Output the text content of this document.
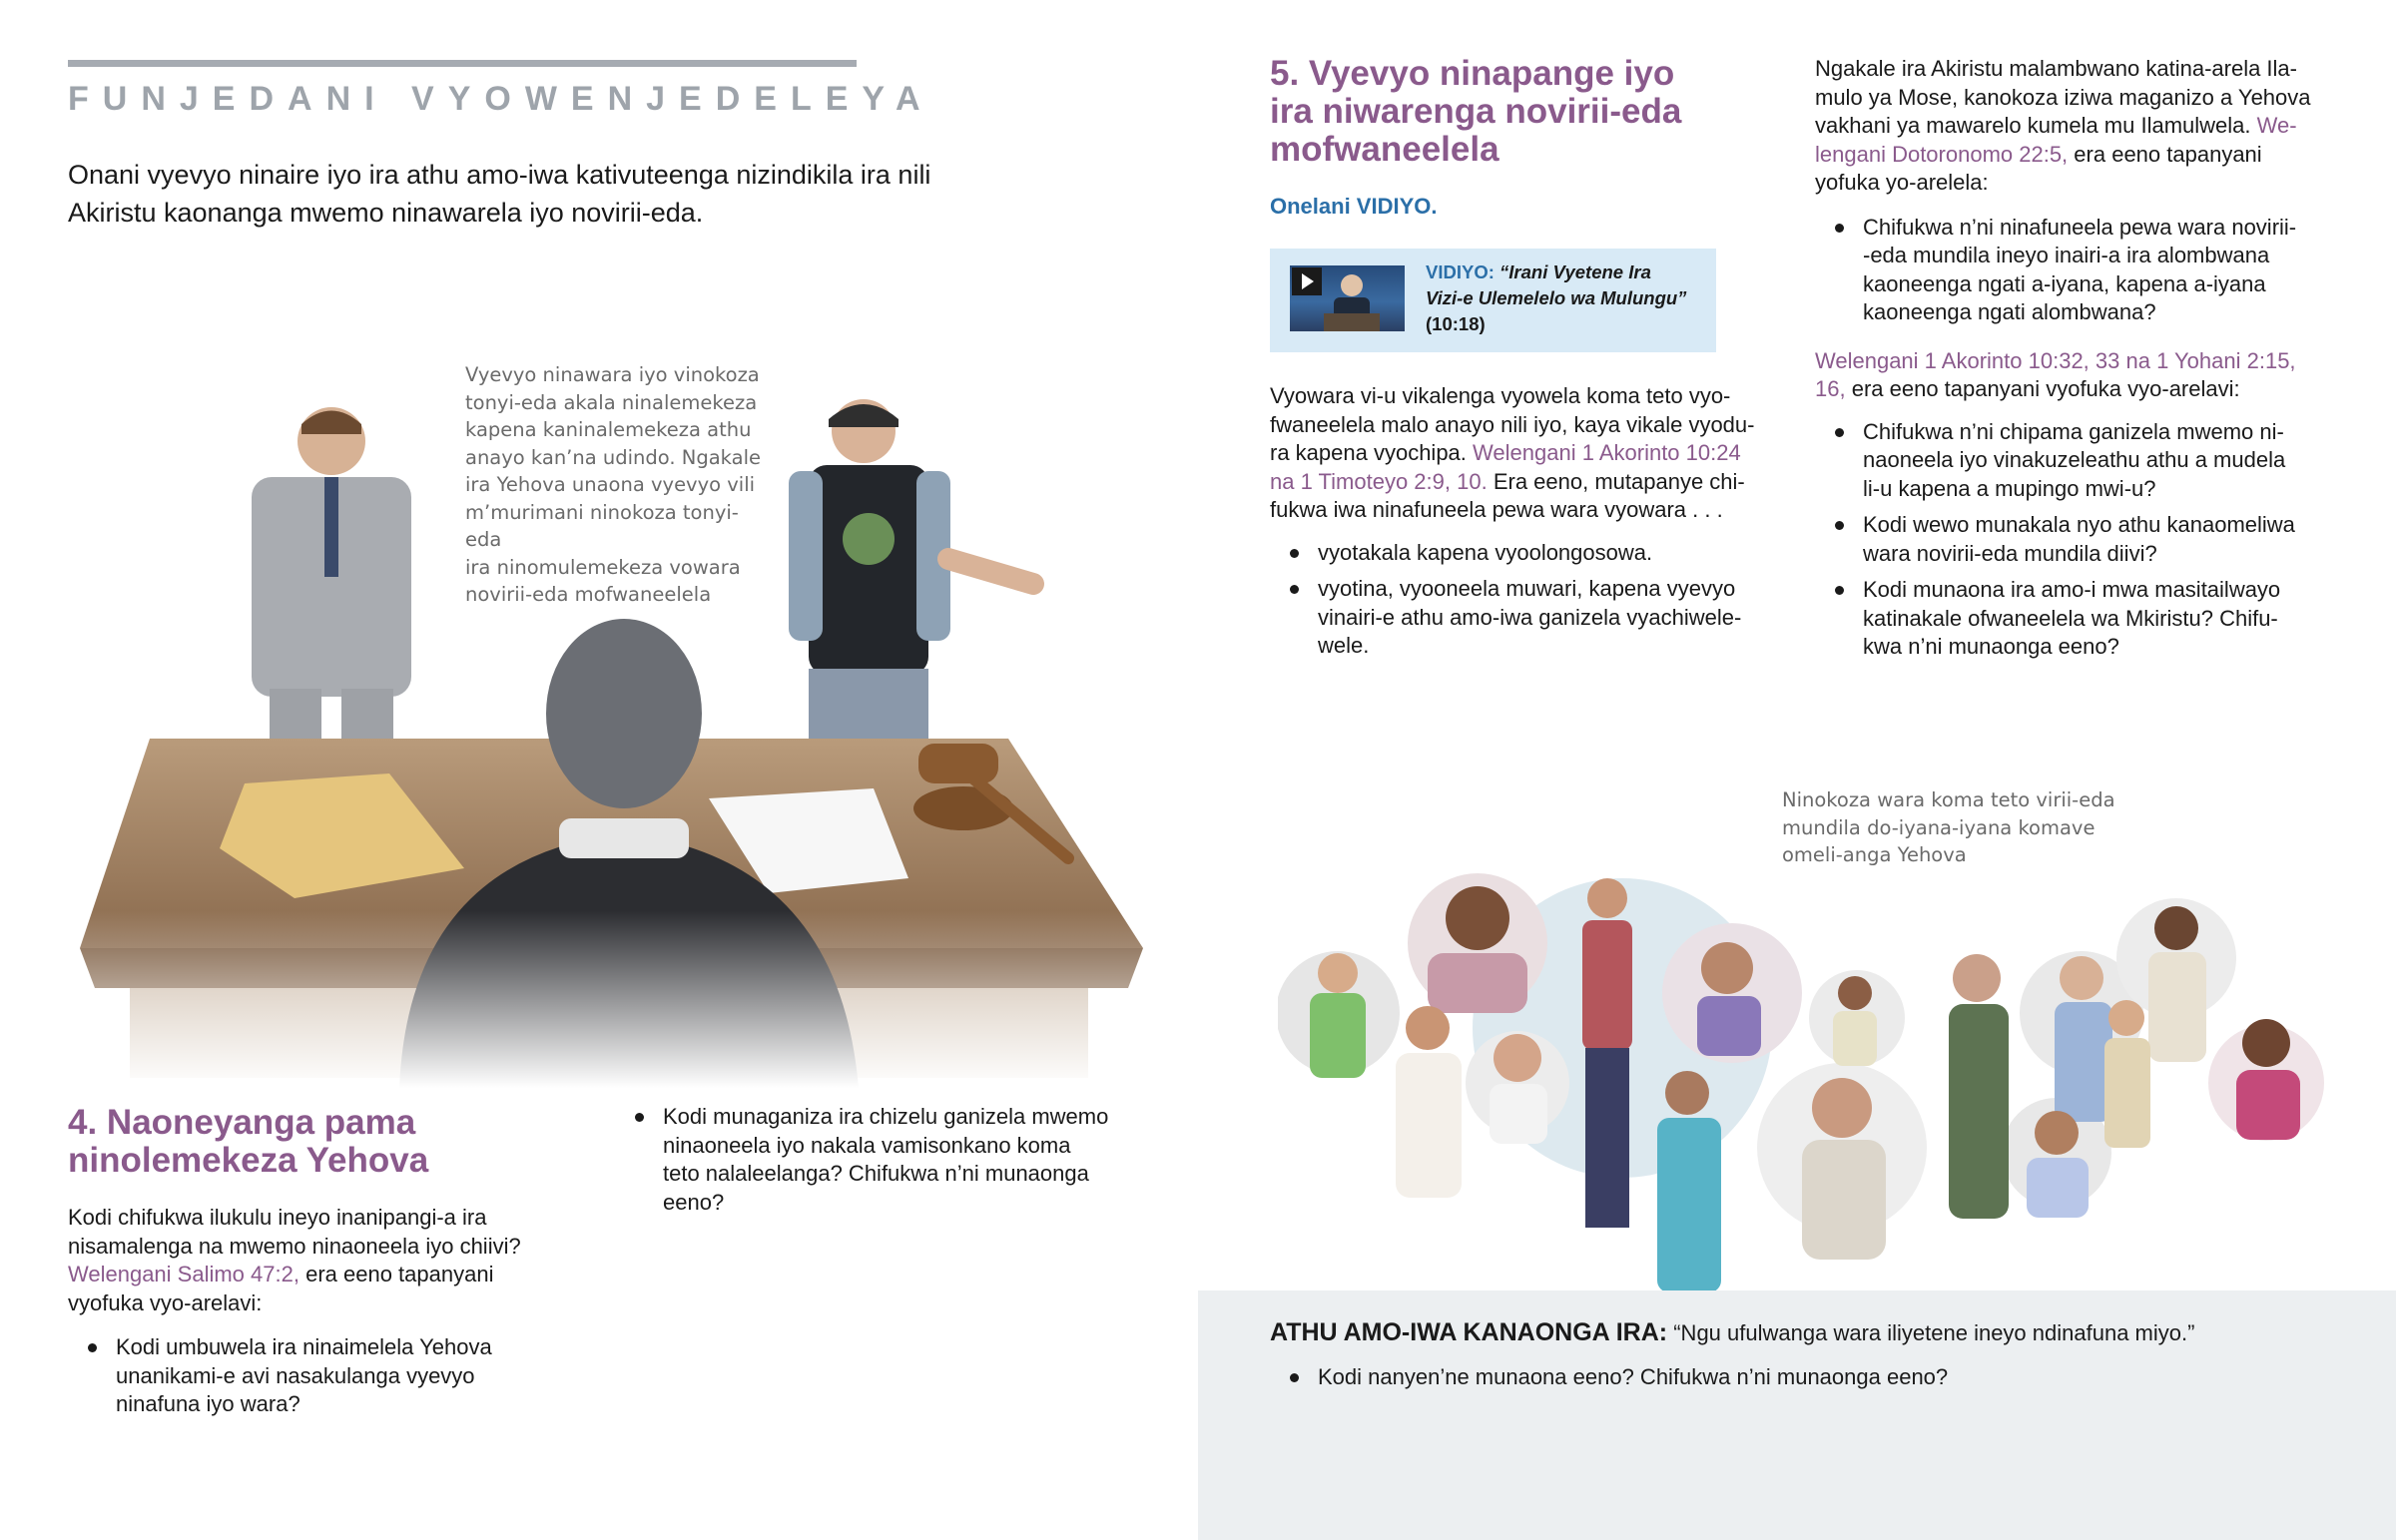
FUNJEDANI VYOWENJEDELEYA
Onani vyevyo ninaire iyo ira athu amo-iwa kativuteenga nizindikila ira nili Akiristu kaonanga mwemo ninawarela iyo novirii-eda.
Vyevyo ninawara iyo vinokoza
tonyi-eda akala ninalemekeza
kapena kaninalemekeza athu
anayo kan’na udindo. Ngakale
ira Yehova unaona vyevyo vili
m’murimani ninokoza tonyi-eda
ira ninomulemekeza vowara
novirii-eda mofwaneelela
4. Naoneyanga pama
ninolemekeza Yehova
Kodi chifukwa ilukulu ineyo inanipangi-a ira
nisamalenga na mwemo ninaoneela iyo chiivi?
Welengani Salimo 47:2, era eeno tapanyani
vyofuka vyo-arelavi:
Kodi umbuwela ira ninaimelela Yehova
unanikami-e avi nasakulanga vyevyo
ninafuna iyo wara?
Kodi munaganiza ira chizelu ganizela mwemo
ninaoneela iyo nakala vamisonkano koma
teto nalaleelanga? Chifukwa n’ni munaonga
eeno?
5. Vyevyo ninapange iyo
ira niwarenga novirii-eda
mofwaneelela
Onelani VIDIYO.
VIDIYO: “Irani Vyetene Ira
Vizi-e Ulemelelo wa Mulungu”
(10:18)
Vyowara vi-u vikalenga vyowela koma teto vyo-
fwaneelela malo anayo nili iyo, kaya vikale vyodu-
ra kapena vyochipa. Welengani 1 Akorinto 10:24
na 1 Timoteyo 2:9, 10. Era eeno, mutapanye chi-
fukwa iwa ninafuneela pewa wara vyowara . . .
vyotakala kapena vyoolongosowa.
vyotina, vyooneela muwari, kapena vyevyo
vinairi-e athu amo-iwa ganizela vyachiwele-
wele.
Ngakale ira Akiristu malambwano katina-arela Ila-
mulo ya Mose, kanokoza iziwa maganizo a Yehova
vakhani ya mawarelo kumela mu Ilamulwela. We-
lengani Dotoronomo 22:5, era eeno tapanyani
yofuka yo-arelela:
Chifukwa n’ni ninafuneela pewa wara novirii-
-eda mundila ineyo inairi-a ira alombwana
kaoneenga ngati a-iyana, kapena a-iyana
kaoneenga ngati alombwana?
Welengani 1 Akorinto 10:32, 33 na 1 Yohani 2:15,
16, era eeno tapanyani vyofuka vyo-arelavi:
Chifukwa n’ni chipama ganizela mwemo ni-
naoneela iyo vinakuzeleathu athu a mudela
li-u kapena a mupingo mwi-u?
Kodi wewo munakala nyo athu kanaomeliwa
wara novirii-eda mundila diivi?
Kodi munaona ira amo-i mwa masitailwayo
katinakale ofwaneelela wa Mkiristu? Chifu-
kwa n’ni munaonga eeno?
Ninokoza wara koma teto virii-eda
mundila do-iyana-iyana komave
omeli-anga Yehova
ATHU AMO-IWA KANAONGA IRA: “Ngu ufulwanga wara iliyetene ineyo ndinafuna miyo.”
Kodi nanyen’ne munaona eeno? Chifukwa n’ni munaonga eeno?
